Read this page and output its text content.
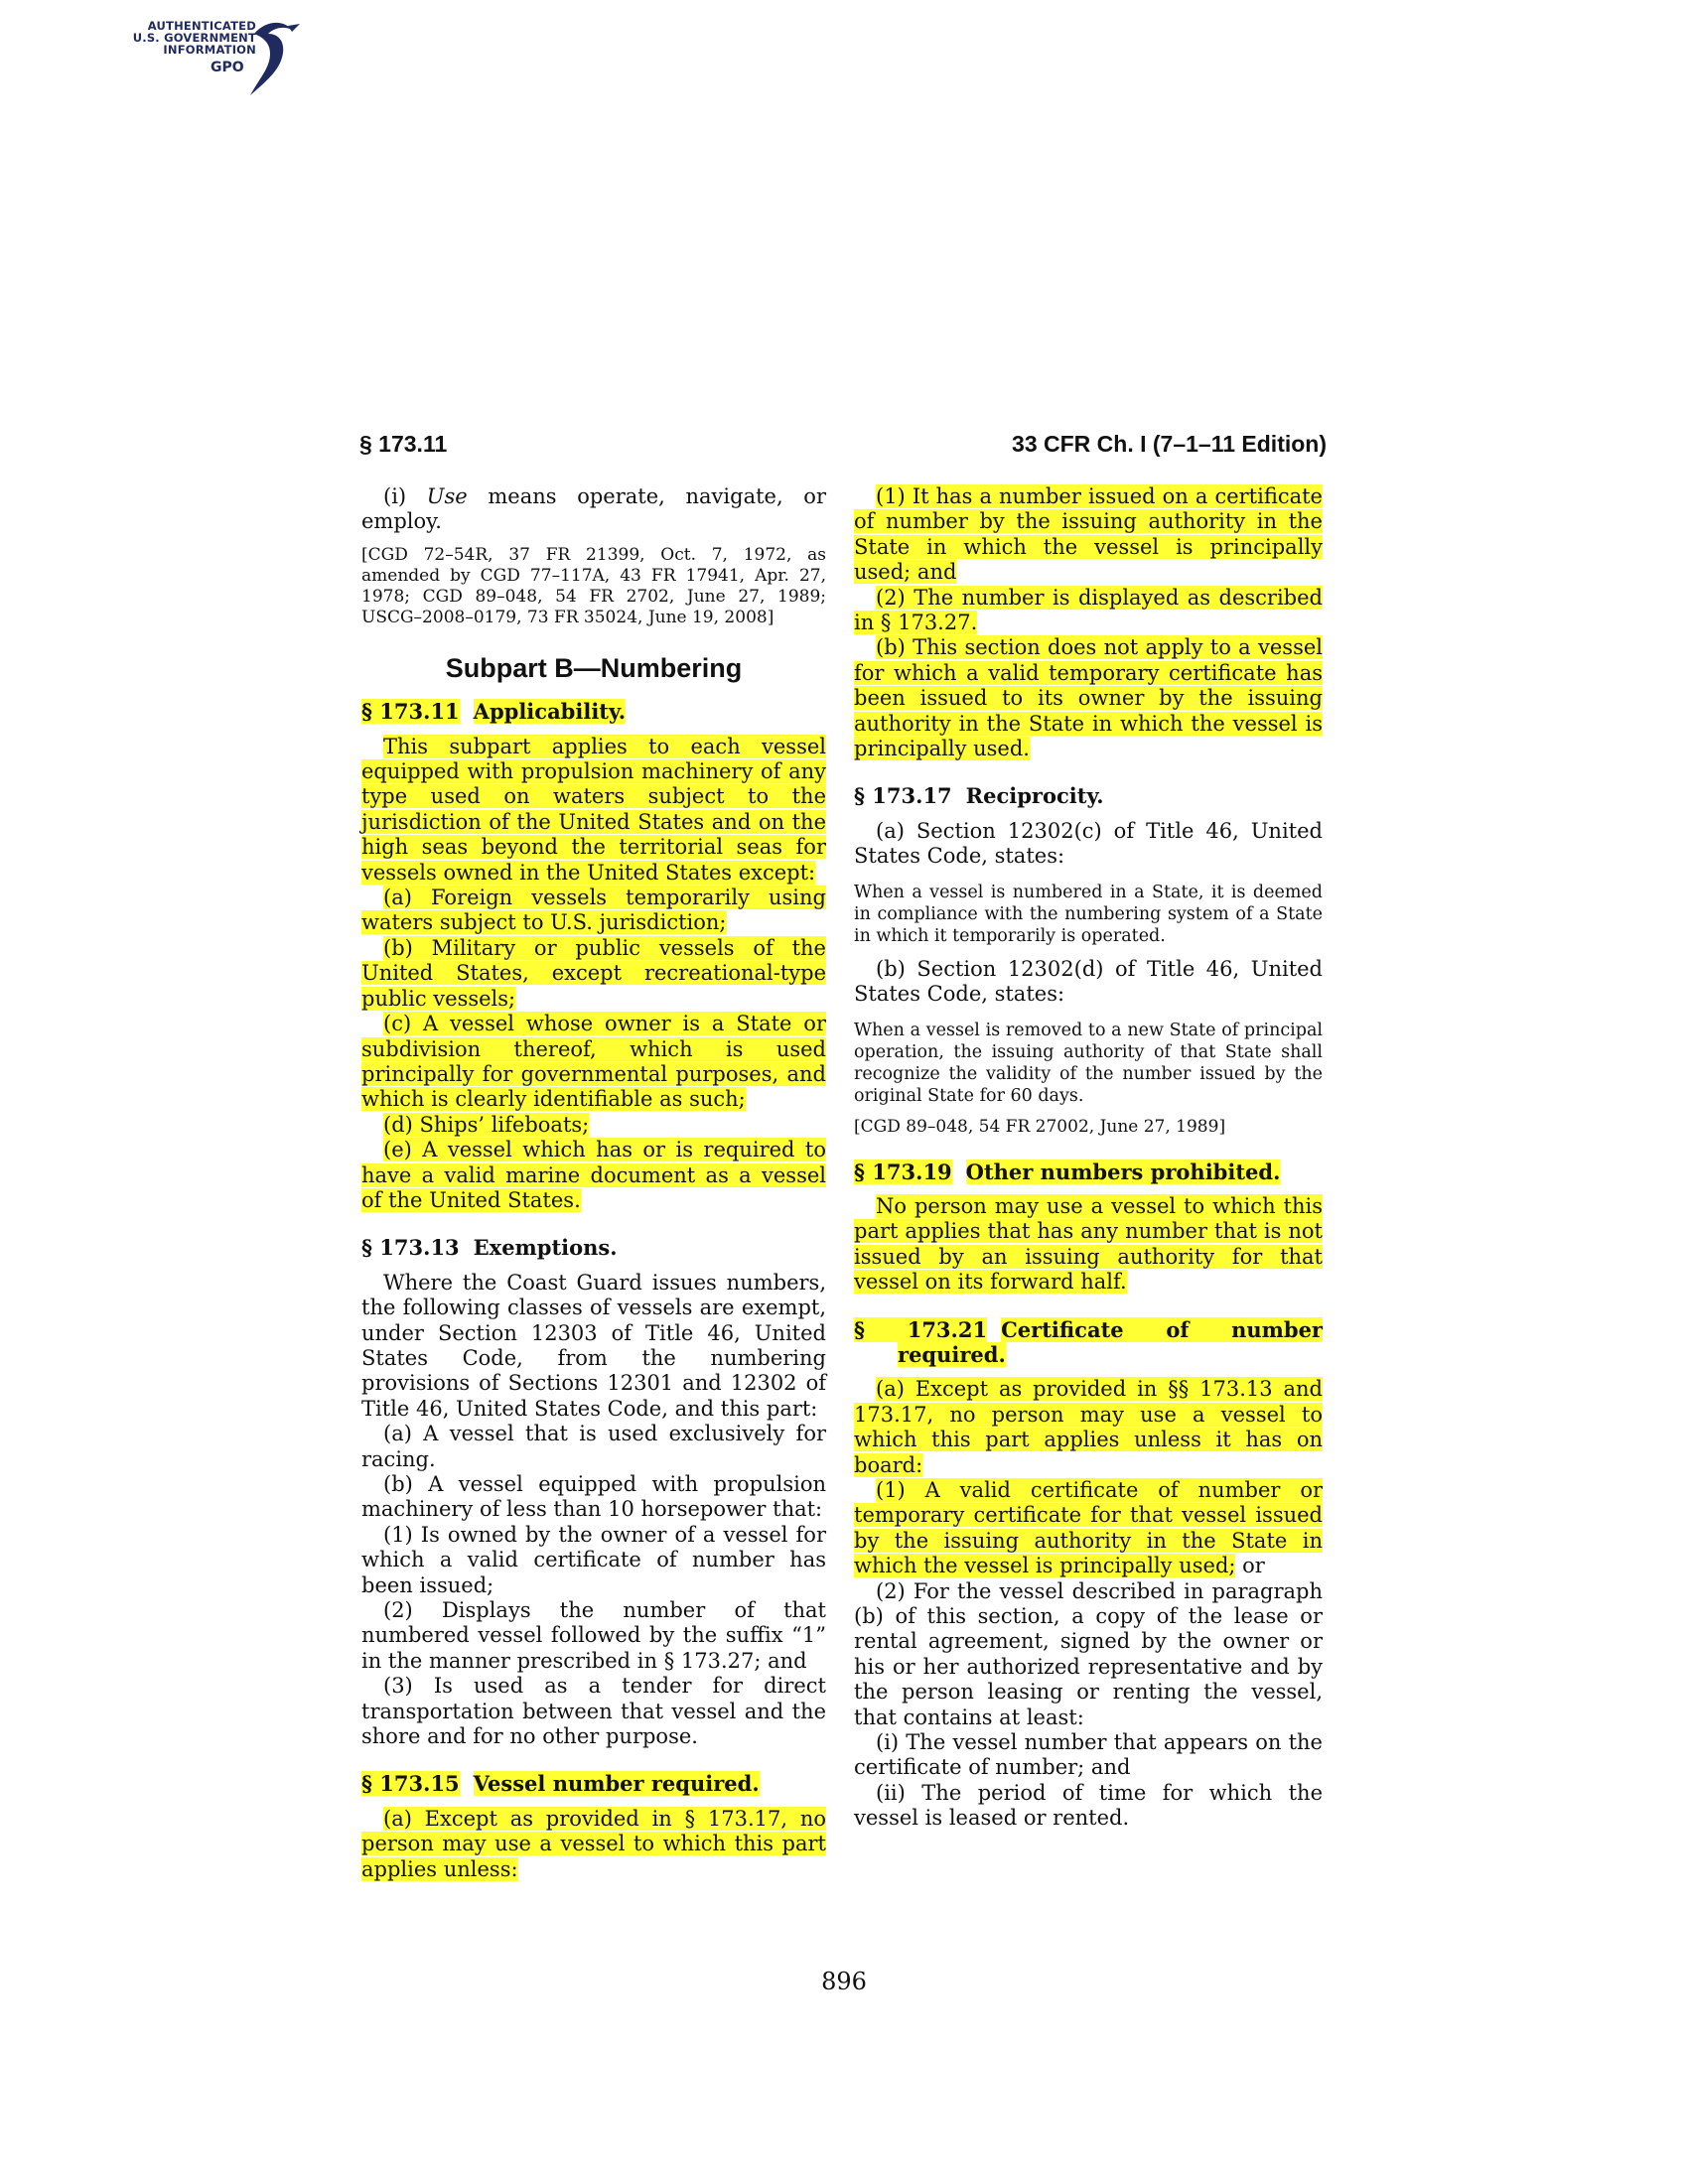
AUTHENTICATED
U.S. GOVERNMENT
INFORMATION
GPO
§ 173.11	33 CFR Ch. I (7–1–11 Edition)

(i) Use means operate, navigate, or employ.

[CGD 72–54R, 37 FR 21399, Oct. 7, 1972, as amended by CGD 77–117A, 43 FR 17941, Apr. 27, 1978; CGD 89–048, 54 FR 2702, June 27, 1989; USCG–2008–0179, 73 FR 35024, June 19, 2008]

Subpart B—Numbering
§ 173.11 Applicability.

This subpart applies to each vessel equipped with propulsion machinery of any type used on waters subject to the jurisdiction of the United States and on the high seas beyond the territorial seas for vessels owned in the United States except:

(a) Foreign vessels temporarily using waters subject to U.S. jurisdiction;

(b) Military or public vessels of the United States, except recreational-type public vessels;

(c) A vessel whose owner is a State or subdivision thereof, which is used principally for governmental purposes, and which is clearly identifiable as such;

(d) Ships’ lifeboats;

(e) A vessel which has or is required to have a valid marine document as a vessel of the United States.

§ 173.13 Exemptions.

Where the Coast Guard issues numbers, the following classes of vessels are exempt, under Section 12303 of Title 46, United States Code, from the numbering provisions of Sections 12301 and 12302 of Title 46, United States Code, and this part:

(a) A vessel that is used exclusively for racing.

(b) A vessel equipped with propulsion machinery of less than 10 horsepower that:

(1) Is owned by the owner of a vessel for which a valid certificate of number has been issued;

(2) Displays the number of that numbered vessel followed by the suffix “1” in the manner prescribed in § 173.27; and

(3) Is used as a tender for direct transportation between that vessel and the shore and for no other purpose.

§ 173.15 Vessel number required.

(a) Except as provided in § 173.17, no person may use a vessel to which this part applies unless:

(1) It has a number issued on a certificate of number by the issuing authority in the State in which the vessel is principally used; and

(2) The number is displayed as described in § 173.27.

(b) This section does not apply to a vessel for which a valid temporary certificate has been issued to its owner by the issuing authority in the State in which the vessel is principally used.

§ 173.17 Reciprocity.

(a) Section 12302(c) of Title 46, United States Code, states:

When a vessel is numbered in a State, it is deemed in compliance with the numbering system of a State in which it temporarily is operated.

(b) Section 12302(d) of Title 46, United States Code, states:

When a vessel is removed to a new State of principal operation, the issuing authority of that State shall recognize the validity of the number issued by the original State for 60 days.

[CGD 89–048, 54 FR 27002, June 27, 1989]

§ 173.19 Other numbers prohibited.

No person may use a vessel to which this part applies that has any number that is not issued by an issuing authority for that vessel on its forward half.

§ 173.21 Certificate of number required.

(a) Except as provided in §§ 173.13 and 173.17, no person may use a vessel to which this part applies unless it has on board:

(1) A valid certificate of number or temporary certificate for that vessel issued by the issuing authority in the State in which the vessel is principally used; or

(2) For the vessel described in paragraph (b) of this section, a copy of the lease or rental agreement, signed by the owner or his or her authorized representative and by the person leasing or renting the vessel, that contains at least:

(i) The vessel number that appears on the certificate of number; and

(ii) The period of time for which the vessel is leased or rented.

896
